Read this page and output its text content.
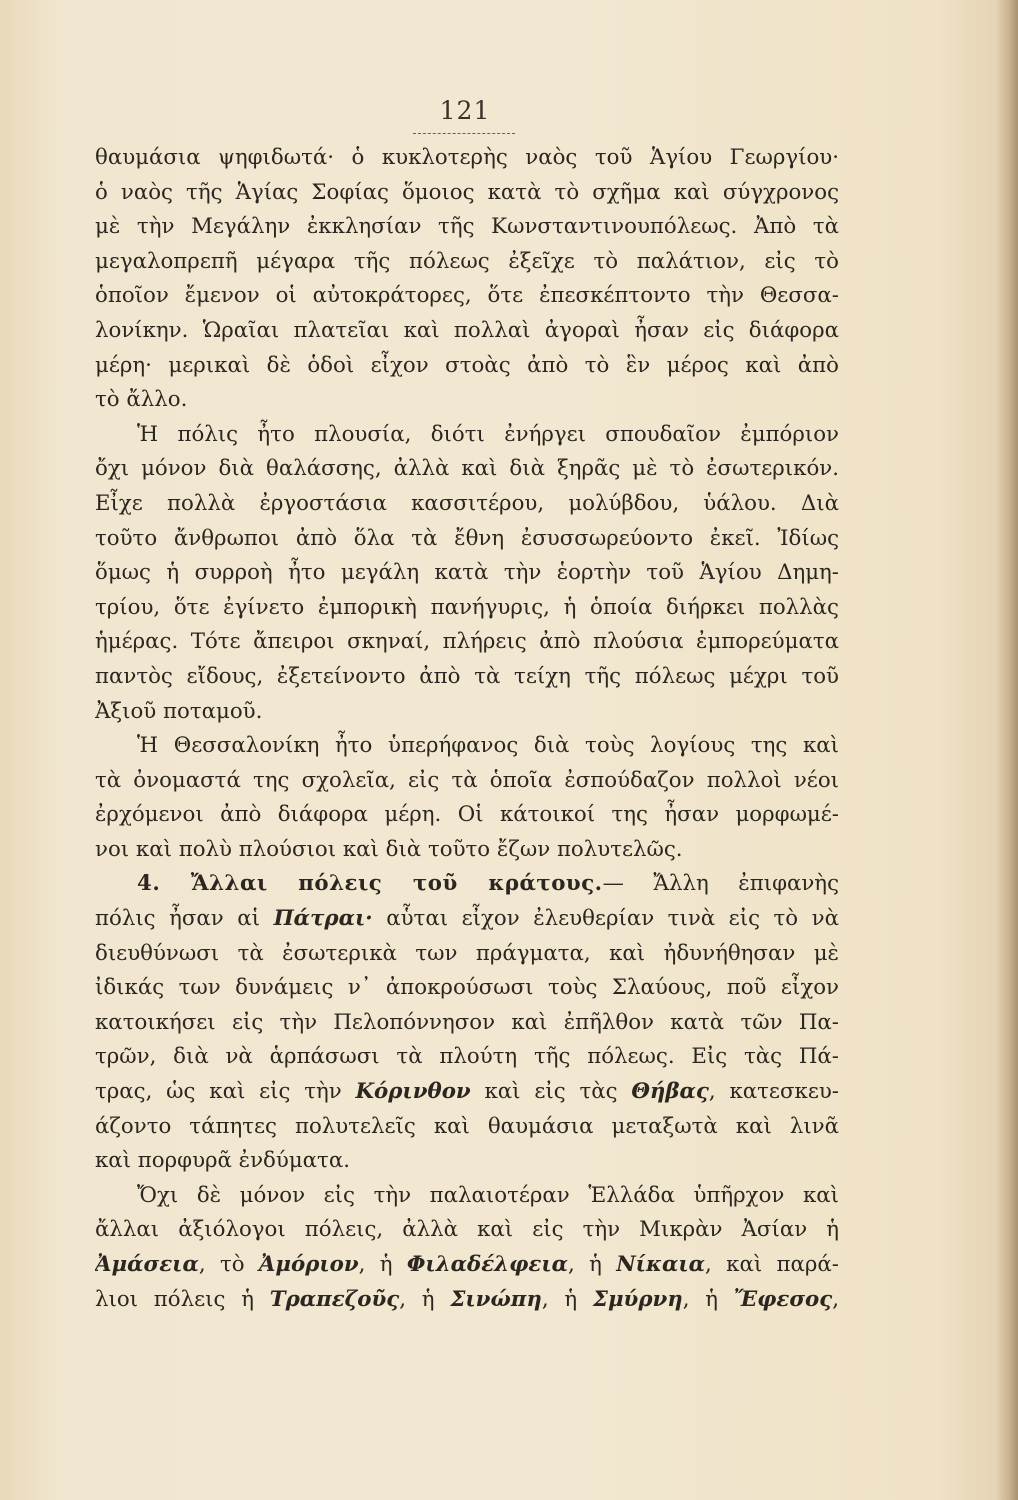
121
θαυμάσια ψηφιδωτά· ὁ κυκλοτερὴς ναὸς τοῦ Ἁγίου Γεωργίου·
ὁ ναὸς τῆς Ἁγίας Σοφίας ὅμοιος κατὰ τὸ σχῆμα καὶ σύγχρονος
μὲ τὴν Μεγάλην ἐκκλησίαν τῆς Κωνσταντινουπόλεως. Ἀπὸ τὰ
μεγαλοπρεπῆ μέγαρα τῆς πόλεως ἐξεῖχε τὸ παλάτιον, εἰς τὸ
ὁποῖον ἔμενον οἱ αὐτοκράτορες, ὅτε ἐπεσκέπτοντο τὴν Θεσσα-
λονίκην. Ὡραῖαι πλατεῖαι καὶ πολλαὶ ἀγοραὶ ἦσαν εἰς διάφορα
μέρη· μερικαὶ δὲ ὁδοὶ εἶχον στοὰς ἀπὸ τὸ ἓν μέρος καὶ ἀπὸ
τὸ ἄλλο.
Ἡ πόλις ἦτο πλουσία, διότι ἐνήργει σπουδαῖον ἐμπόριον
ὄχι μόνον διὰ θαλάσσης, ἀλλὰ καὶ διὰ ξηρᾶς μὲ τὸ ἐσωτερικόν.
Εἶχε πολλὰ ἐργοστάσια κασσιτέρου, μολύβδου, ὑάλου. Διὰ
τοῦτο ἄνθρωποι ἀπὸ ὅλα τὰ ἔθνη ἐσυσσωρεύοντο ἐκεῖ. Ἰδίως
ὅμως ἡ συρροὴ ἦτο μεγάλη κατὰ τὴν ἑορτὴν τοῦ Ἁγίου Δημη-
τρίου, ὅτε ἐγίνετο ἐμπορικὴ πανήγυρις, ἡ ὁποία διήρκει πολλὰς
ἡμέρας. Τότε ἄπειροι σκηναί, πλήρεις ἀπὸ πλούσια ἐμπορεύματα
παντὸς εἴδους, ἐξετείνοντο ἀπὸ τὰ τείχη τῆς πόλεως μέχρι τοῦ
Ἀξιοῦ ποταμοῦ.
Ἡ Θεσσαλονίκη ἦτο ὑπερήφανος διὰ τοὺς λογίους της καὶ
τὰ ὀνομαστά της σχολεῖα, εἰς τὰ ὁποῖα ἐσπούδαζον πολλοὶ νέοι
ἐρχόμενοι ἀπὸ διάφορα μέρη. Οἱ κάτοικοί της ἦσαν μορφωμέ-
νοι καὶ πολὺ πλούσιοι καὶ διὰ τοῦτο ἔζων πολυτελῶς.
4. Ἄλλαι πόλεις τοῦ κράτους.— Ἄλλη ἐπιφανὴς
πόλις ἦσαν αἱ Πάτραι· αὗται εἶχον ἐλευθερίαν τινὰ εἰς τὸ νὰ
διευθύνωσι τὰ ἐσωτερικὰ των πράγματα, καὶ ἠδυνήθησαν μὲ
ἰδικάς των δυνάμεις ν᾽ ἀποκρούσωσι τοὺς Σλαύους, ποῦ εἶχον
κατοικήσει εἰς τὴν Πελοπόννησον καὶ ἐπῆλθον κατὰ τῶν Πα-
τρῶν, διὰ νὰ ἁρπάσωσι τὰ πλούτη τῆς πόλεως. Εἰς τὰς Πά-
τρας, ὡς καὶ εἰς τὴν Κόρινθον καὶ εἰς τὰς Θήβας, κατεσκευ-
άζοντο τάπητες πολυτελεῖς καὶ θαυμάσια μεταξωτὰ καὶ λινᾶ
καὶ πορφυρᾶ ἐνδύματα.
Ὄχι δὲ μόνον εἰς τὴν παλαιοτέραν Ἑλλάδα ὑπῆρχον καὶ
ἄλλαι ἀξιόλογοι πόλεις, ἀλλὰ καὶ εἰς τὴν Μικρὰν Ἀσίαν ἡ
Ἀμάσεια, τὸ Ἀμόριον, ἡ Φιλαδέλφεια, ἡ Νίκαια, καὶ παρά-
λιοι πόλεις ἡ Τραπεζοῦς, ἡ Σινώπη, ἡ Σμύρνη, ἡ Ἔφεσος,
